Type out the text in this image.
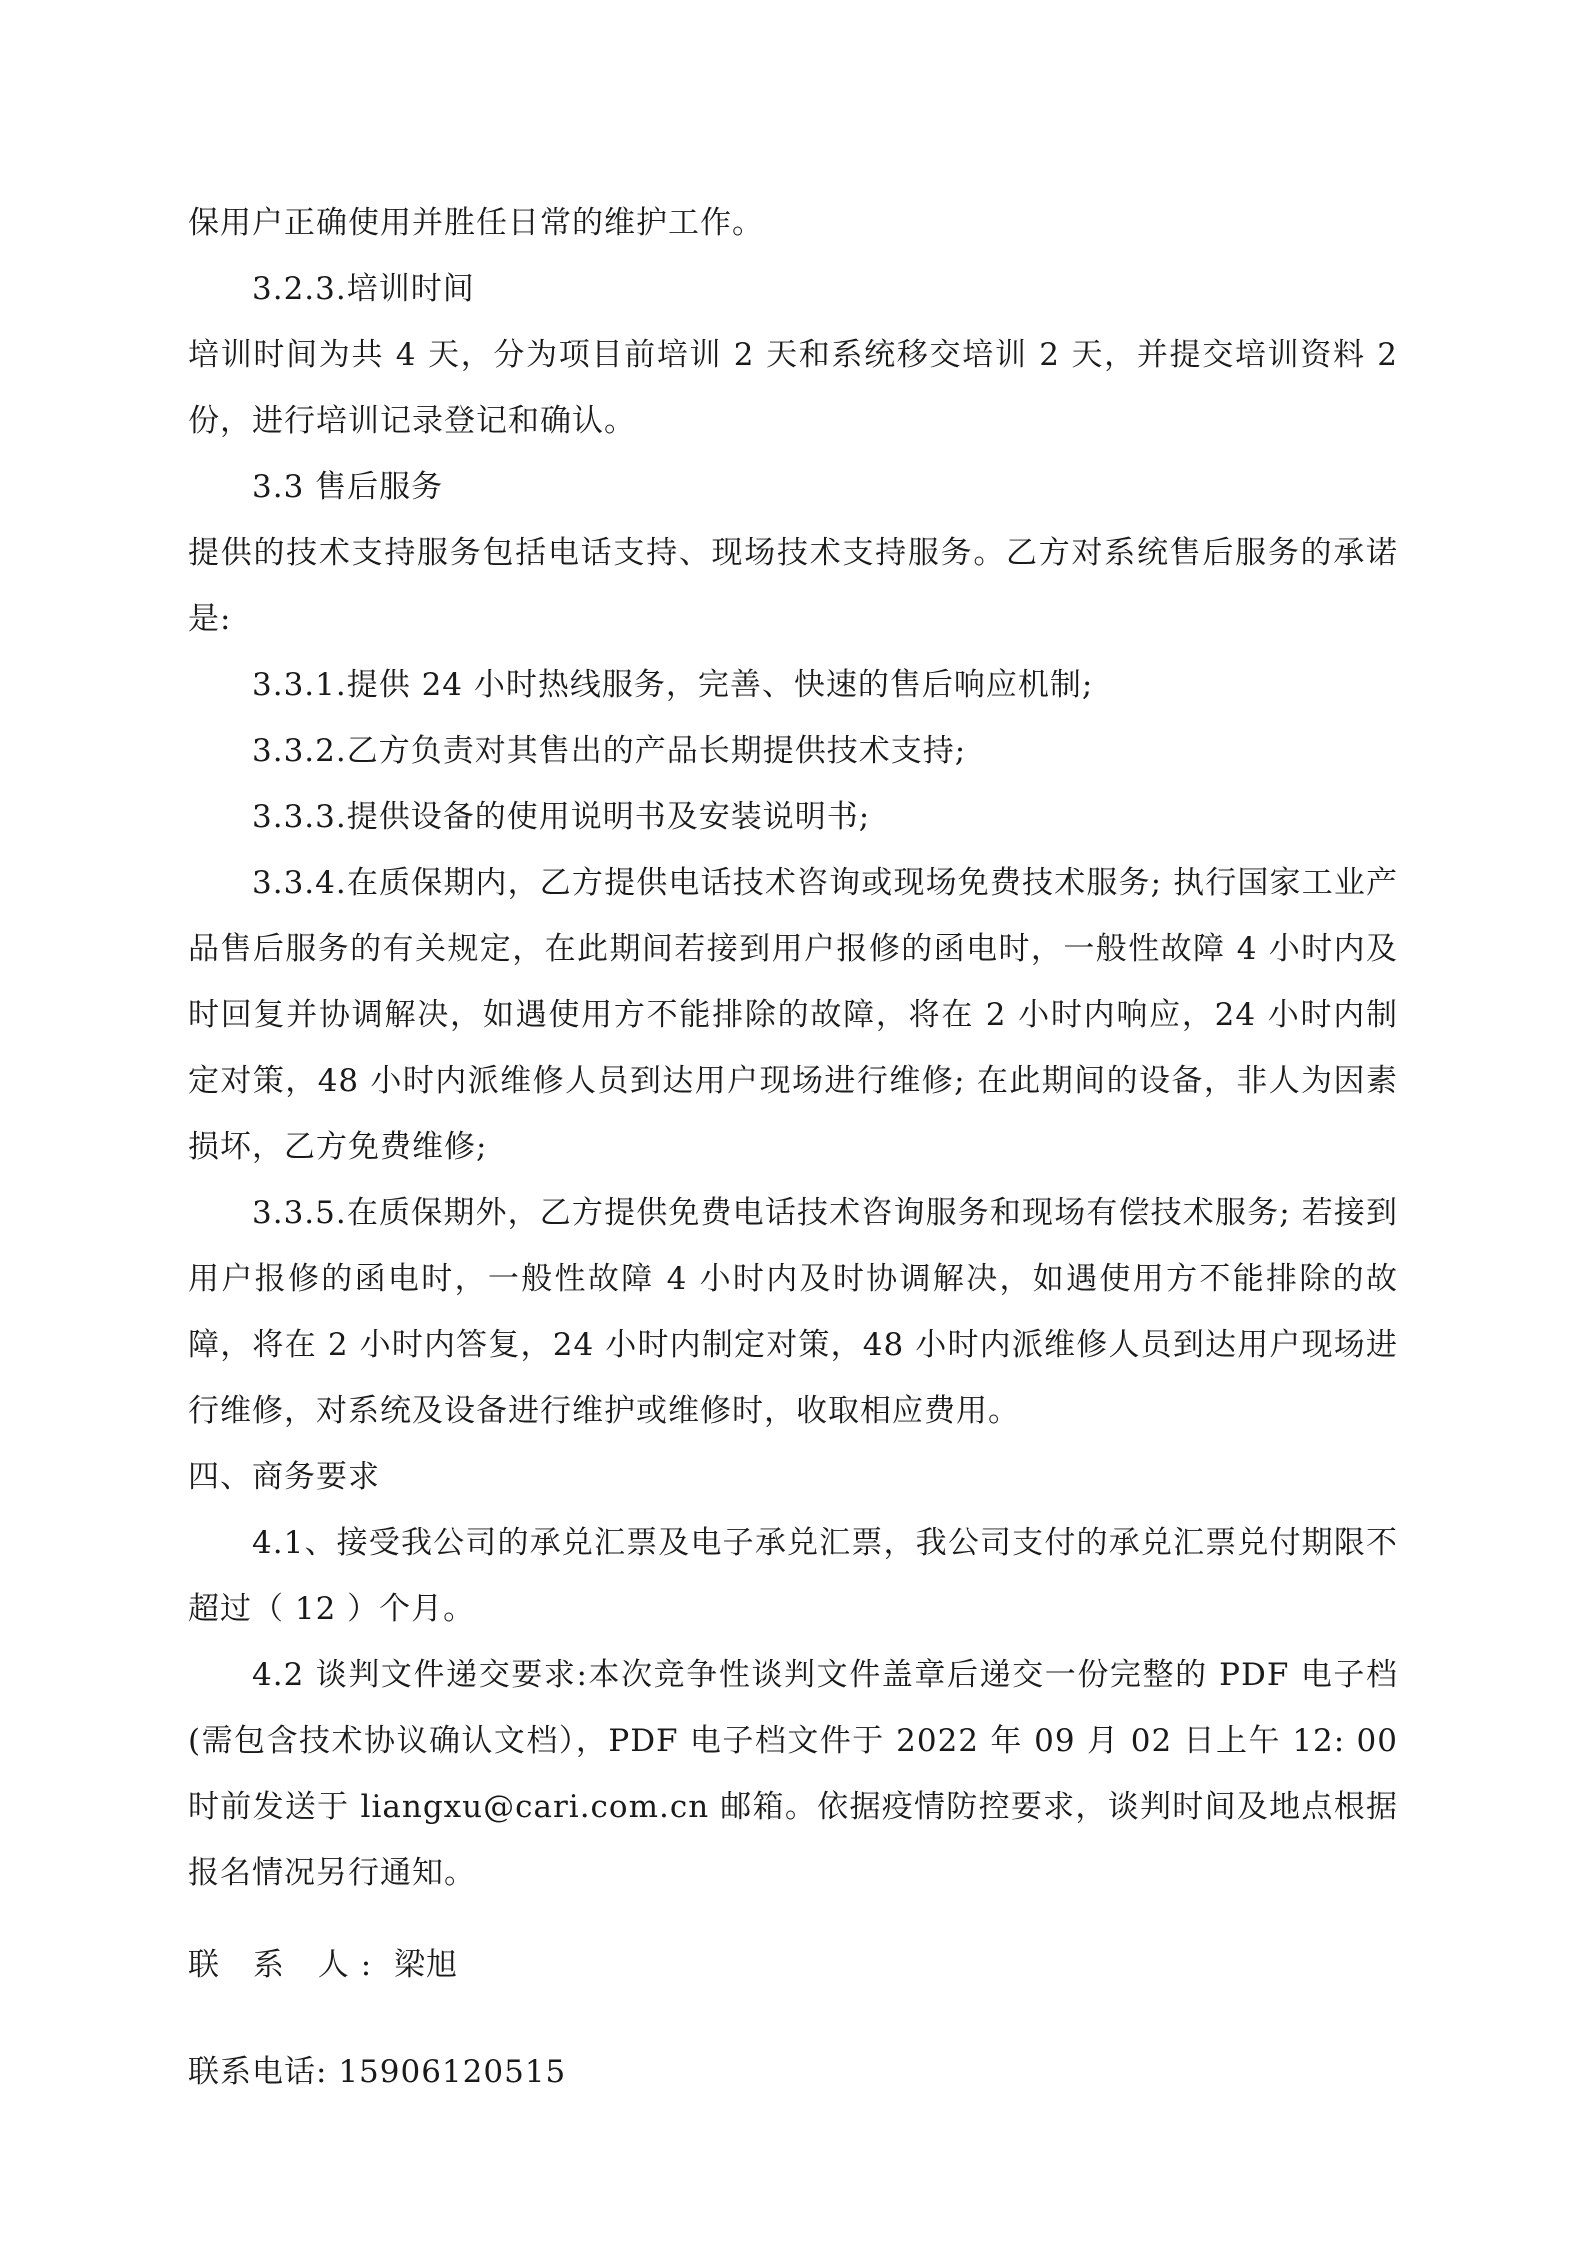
保用户正确使用并胜任日常的维护工作。

3.2.3.培训时间

培训时间为共 4 天，分为项目前培训 2 天和系统移交培训 2 天，并提交培训资料 2 份，进行培训记录登记和确认。

3.3 售后服务

提供的技术支持服务包括电话支持、现场技术支持服务。乙方对系统售后服务的承诺是:

3.3.1.提供 24 小时热线服务，完善、快速的售后响应机制;

3.3.2.乙方负责对其售出的产品长期提供技术支持;

3.3.3.提供设备的使用说明书及安装说明书;

3.3.4.在质保期内，乙方提供电话技术咨询或现场免费技术服务; 执行国家工业产品售后服务的有关规定，在此期间若接到用户报修的函电时，一般性故障 4 小时内及时回复并协调解决，如遇使用方不能排除的故障，将在 2 小时内响应，24 小时内制定对策，48 小时内派维修人员到达用户现场进行维修; 在此期间的设备，非人为因素损坏，乙方免费维修;

3.3.5.在质保期外，乙方提供免费电话技术咨询服务和现场有偿技术服务; 若接到用户报修的函电时，一般性故障 4 小时内及时协调解决，如遇使用方不能排除的故障，将在 2 小时内答复，24 小时内制定对策，48 小时内派维修人员到达用户现场进行维修，对系统及设备进行维护或维修时，收取相应费用。

四、商务要求

4.1、接受我公司的承兑汇票及电子承兑汇票，我公司支付的承兑汇票兑付期限不超过（ 12 ）个月。

4.2 谈判文件递交要求:本次竞争性谈判文件盖章后递交一份完整的 PDF 电子档(需包含技术协议确认文档），PDF 电子档文件于 2022 年 09 月 02 日上午 12: 00 时前发送于 liangxu@cari.com.cn 邮箱。依据疫情防控要求，谈判时间及地点根据报名情况另行通知。

联 系 人: 梁旭
联系电话: 15906120515
